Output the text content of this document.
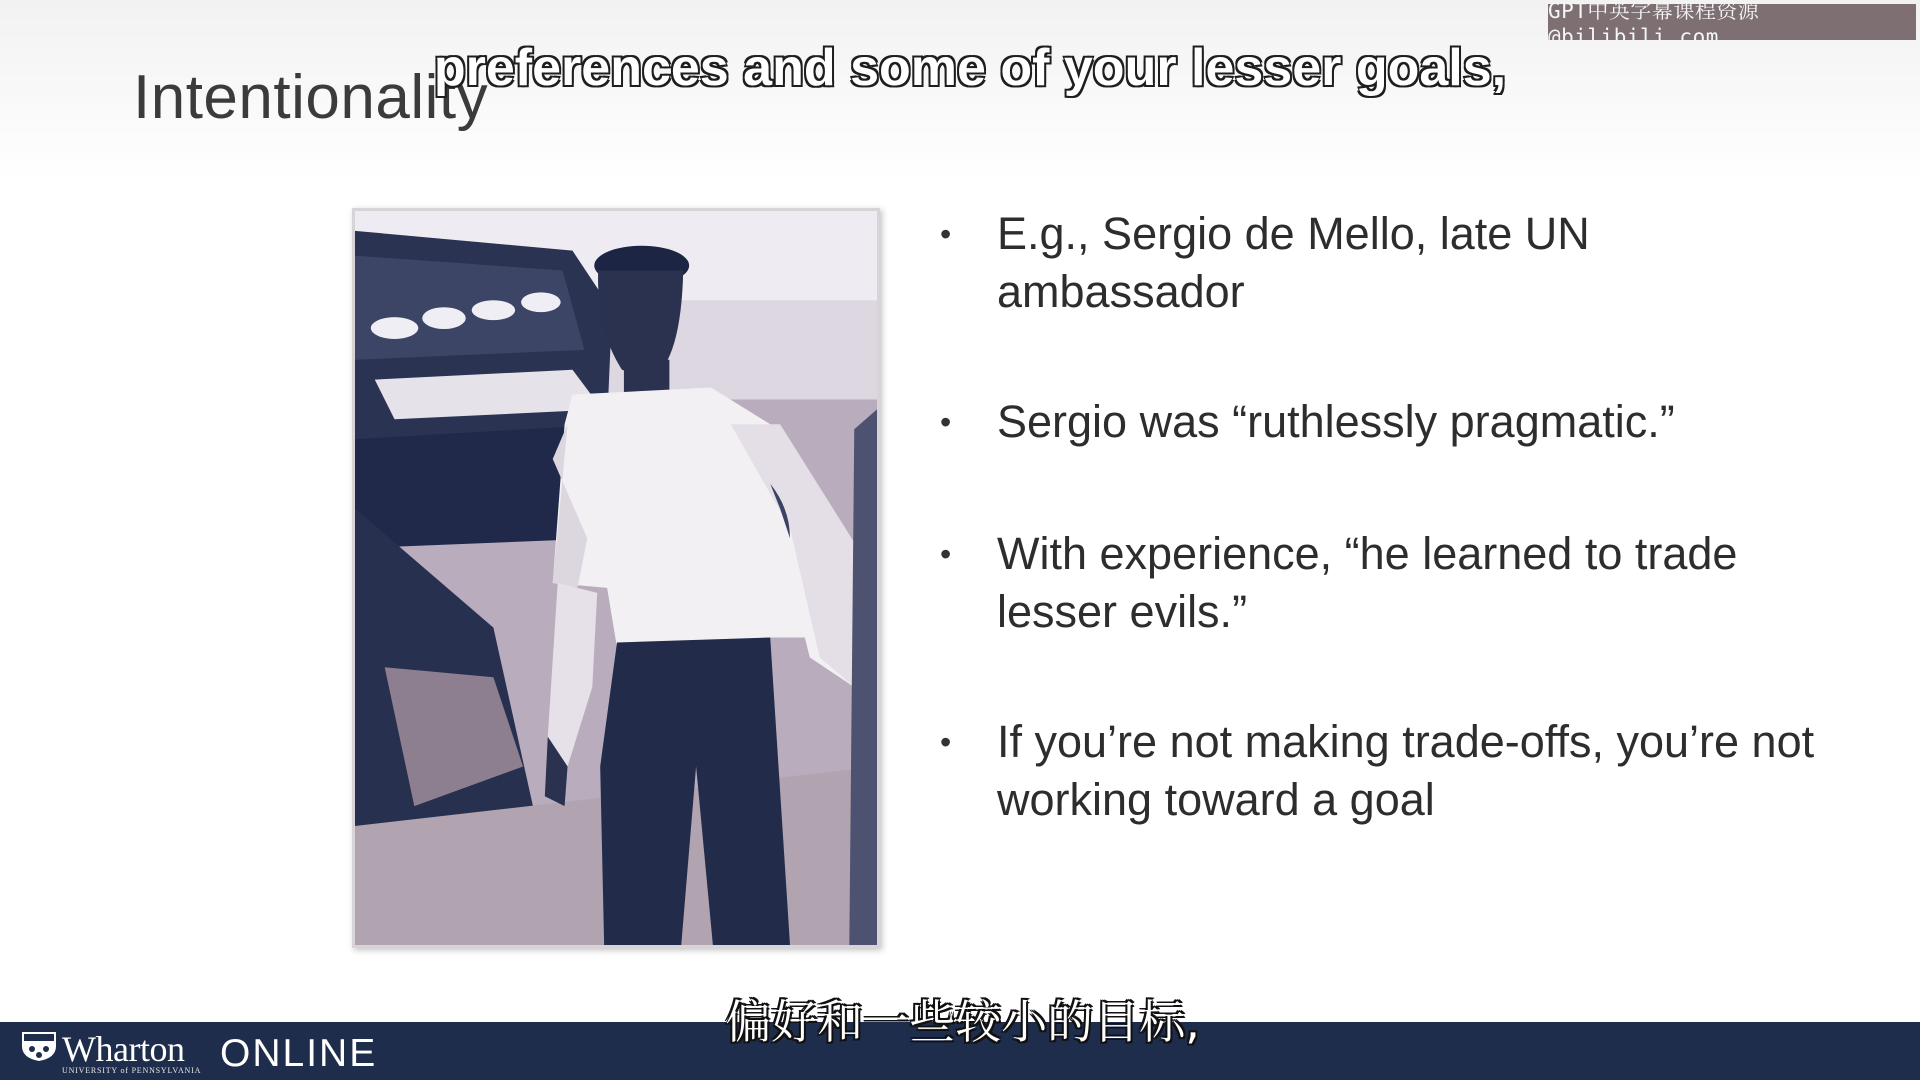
Intentionality
• E.g., Sergio de Mello, late UN ambassador
• Sergio was “ruthlessly pragmatic.”
• With experience, “he learned to trade lesser evils.”
• If you’re not making trade-offs, you’re not working toward a goal
preferences and some of your lesser goals,
GPT中英字幕课程资源@bilibili.com
Wharton
UNIVERSITY of PENNSYLVANIA ONLINE
偏好和一些较小的目标,
